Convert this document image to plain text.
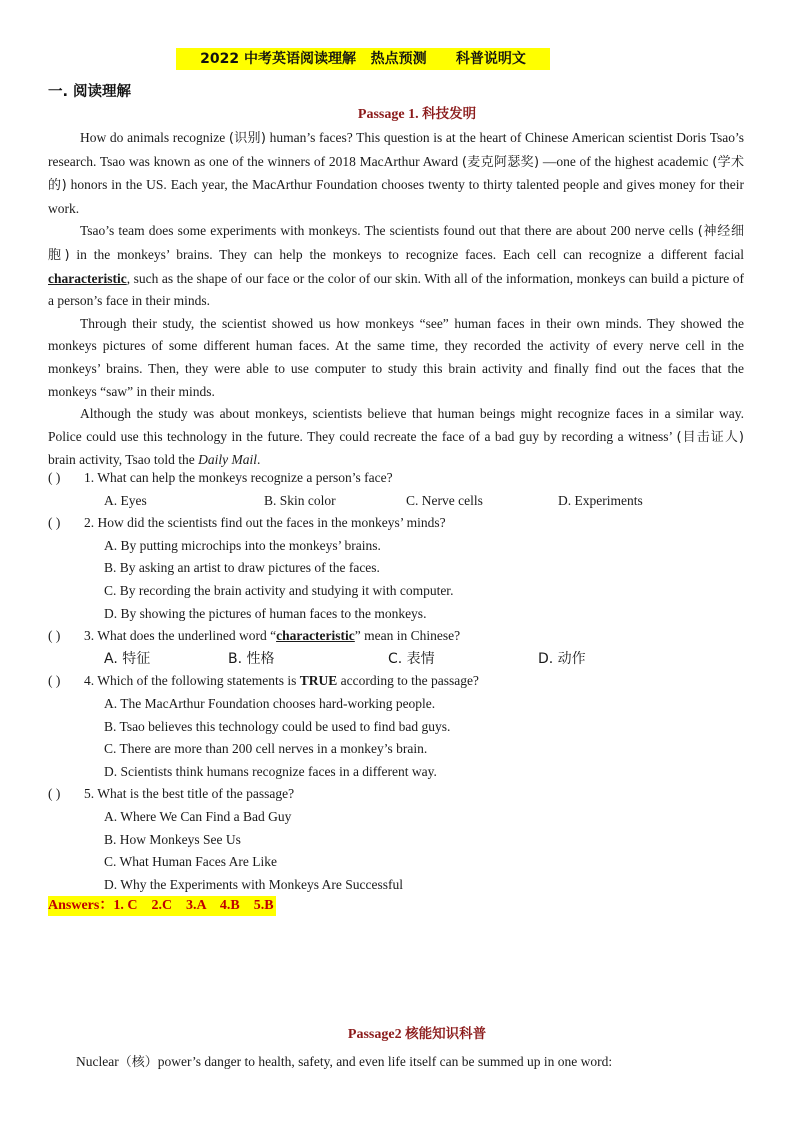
2022 中考英语阅读理解   热点预测      科普说明文
一. 阅读理解
Passage 1. 科技发明

How do animals recognize (识别) human’s faces? This question is at the heart of Chinese American scientist Doris Tsao’s research. Tsao was known as one of the winners of 2018 MacArthur Award (麦克阿瑟奖) —one of the highest academic (学术的) honors in the US. Each year, the MacArthur Foundation chooses twenty to thirty talented people and gives money for their work.

Tsao’s team does some experiments with monkeys. The scientists found out that there are about 200 nerve cells (神经细胞) in the monkeys’ brains. They can help the monkeys to recognize faces. Each cell can recognize a different facial characteristic, such as the shape of our face or the color of our skin. With all of the information, monkeys can build a picture of a person’s face in their minds.

Through their study, the scientist showed us how monkeys “see” human faces in their own minds. They showed the monkeys pictures of some different human faces. At the same time, they recorded the activity of every nerve cell in the monkeys’ brains. Then, they were able to use computer to study this brain activity and finally find out the faces that the monkeys “saw” in their minds.

Although the study was about monkeys, scientists believe that human beings might recognize faces in a similar way. Police could use this technology in the future. They could recreate the face of a bad guy by recording a witness’ (目击证人) brain activity, Tsao told the Daily Mail.

( ) 1. What can help the monkeys recognize a person’s face?
A. Eyes	B. Skin color	C. Nerve cells	D. Experiments
( ) 2. How did the scientists find out the faces in the monkeys’ minds?
A. By putting microchips into the monkeys’ brains.
B. By asking an artist to draw pictures of the faces.
C. By recording the brain activity and studying it with computer.
D. By showing the pictures of human faces to the monkeys.
( ) 3. What does the underlined word “characteristic” mean in Chinese?
A. 特征	B. 性格	C. 表情	D. 动作
( ) 4. Which of the following statements is TRUE according to the passage?
A. The MacArthur Foundation chooses hard-working people.
B. Tsao believes this technology could be used to find bad guys.
C. There are more than 200 cell nerves in a monkey’s brain.
D. Scientists think humans recognize faces in a different way.
( ) 5. What is the best title of the passage?
A. Where We Can Find a Bad Guy
B. How Monkeys See Us
C. What Human Faces Are Like
D. Why the Experiments with Monkeys Are Successful
Answers：1. C    2.C    3.A    4.B    5.B
Passage2 核能知识科普
Nuclear（核）power’s danger to health, safety, and even life itself can be summed up in one word:
